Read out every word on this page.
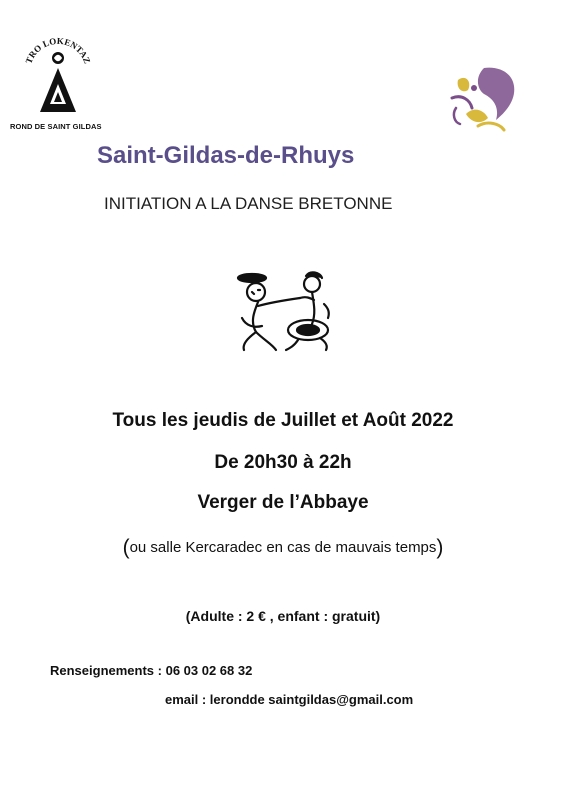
TRO LOKENTAZ
ROND DE SAINT GILDAS
Saint-Gildas-de-Rhuys
INITIATION A LA DANSE BRETONNE
Tous les jeudis de Juillet et Août 2022
De 20h30 à 22h
Verger de l’Abbaye
(ou salle Kercaradec en cas de mauvais temps)
(Adulte : 2 € , enfant : gratuit)
Renseignements : 06 03 02 68 32
email : lerondde saintgildas@gmail.com
